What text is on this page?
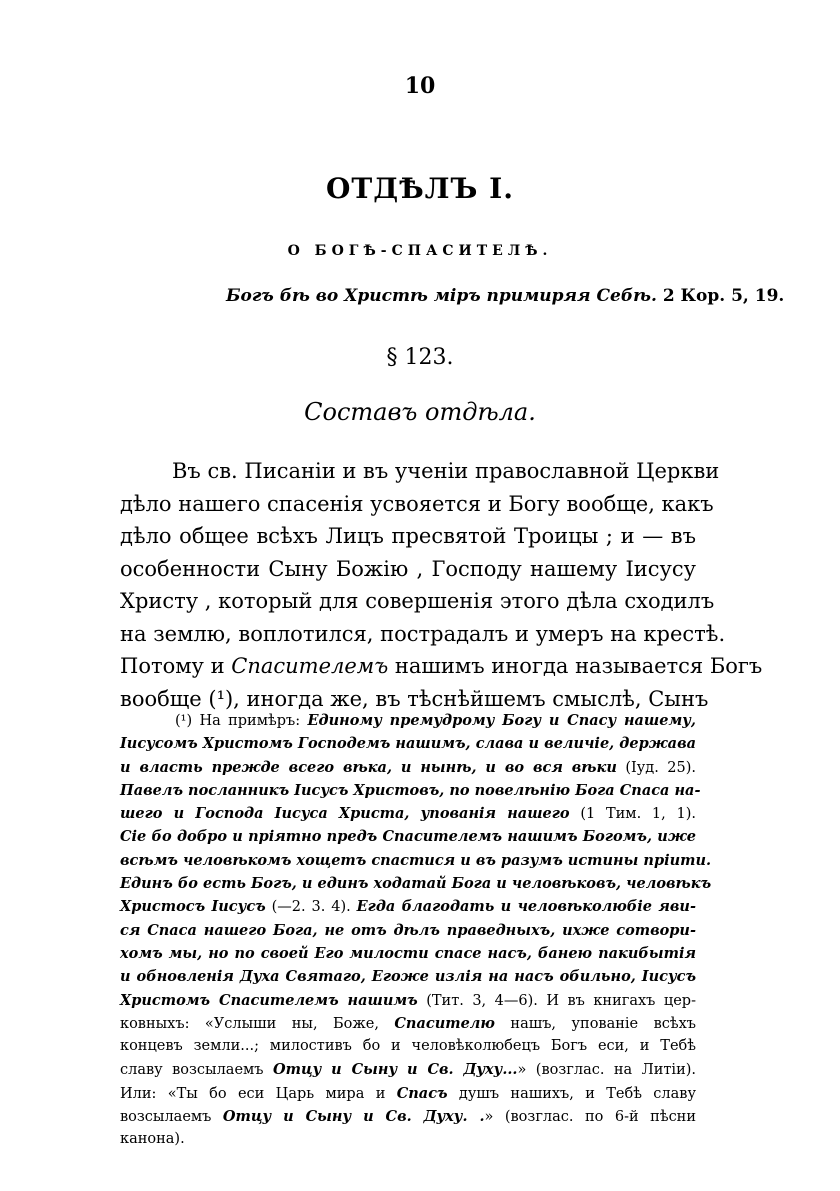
10
ОТДѢЛЪ I.
О БОГѢ-СПАСИТЕЛѢ.
Богъ бѣ во Христѣ міръ примиряя Себѣ. 2 Кор. 5, 19.
§ 123.
Составъ отдѣла.
Въ св. Писаніи и въ ученіи православной Церкви
дѣло нашего спасенія усвояется и Богу вообще, какъ
дѣло общее всѣхъ Лицъ пресвятой Троицы ; и — въ
особенности Сыну Божію , Господу нашему Іисусу
Христу , который для совершенія этого дѣла сходилъ
на землю, воплотился, пострадалъ и умеръ на крестѣ.
Потому и Спасителемъ нашимъ иногда называется Богъ
вообще (¹), иногда же, въ тѣснѣйшемъ смыслѣ, Сынъ
(¹) На примѣръ: Единому премудрому Богу и Спасу нашему,
Іисусомъ Христомъ Господемъ нашимъ, слава и величіе, держава
и власть прежде всего вѣка, и нынѣ, и во вся вѣки (Іуд. 25).
Павелъ посланникъ Іисусъ Христовъ, по повелѣнію Бога Спаса на-
шего и Господа Іисуса Христа, упованія нашего (1 Тим. 1, 1).
Сіе бо добро и пріятно предъ Спасителемъ нашимъ Богомъ, иже
всѣмъ человѣкомъ хощетъ спастися и въ разумъ истины пріити.
Единъ бо есть Богъ, и единъ ходатай Бога и человѣковъ, человѣкъ
Христосъ Іисусъ (—2. 3. 4). Егда благодать и человѣколюбіе яви-
ся Спаса нашего Бога, не отъ дѣлъ праведныхъ, ихже сотвори-
хомъ мы, но по своей Его милости спасе насъ, банею пакибытія
и обновленія Духа Святаго, Егоже излія на насъ обильно, Іисусъ
Христомъ Спасителемъ нашимъ (Тит. 3, 4—6). И въ книгахъ цер-
ковныхъ: «Услыши ны, Боже, Спасителю нашъ, упованіе всѣхъ
концевъ земли...; милостивъ бо и человѣколюбецъ Богъ еси, и Тебѣ
славу возсылаемъ Отцу и Сыну и Св. Духу...» (возглас. на Литіи).
Или: «Ты бо еси Царь мира и Спасъ душъ нашихъ, и Тебѣ славу
возсылаемъ Отцу и Сыну и Св. Духу. .» (возглас. по 6-й пѣсни
канона).
